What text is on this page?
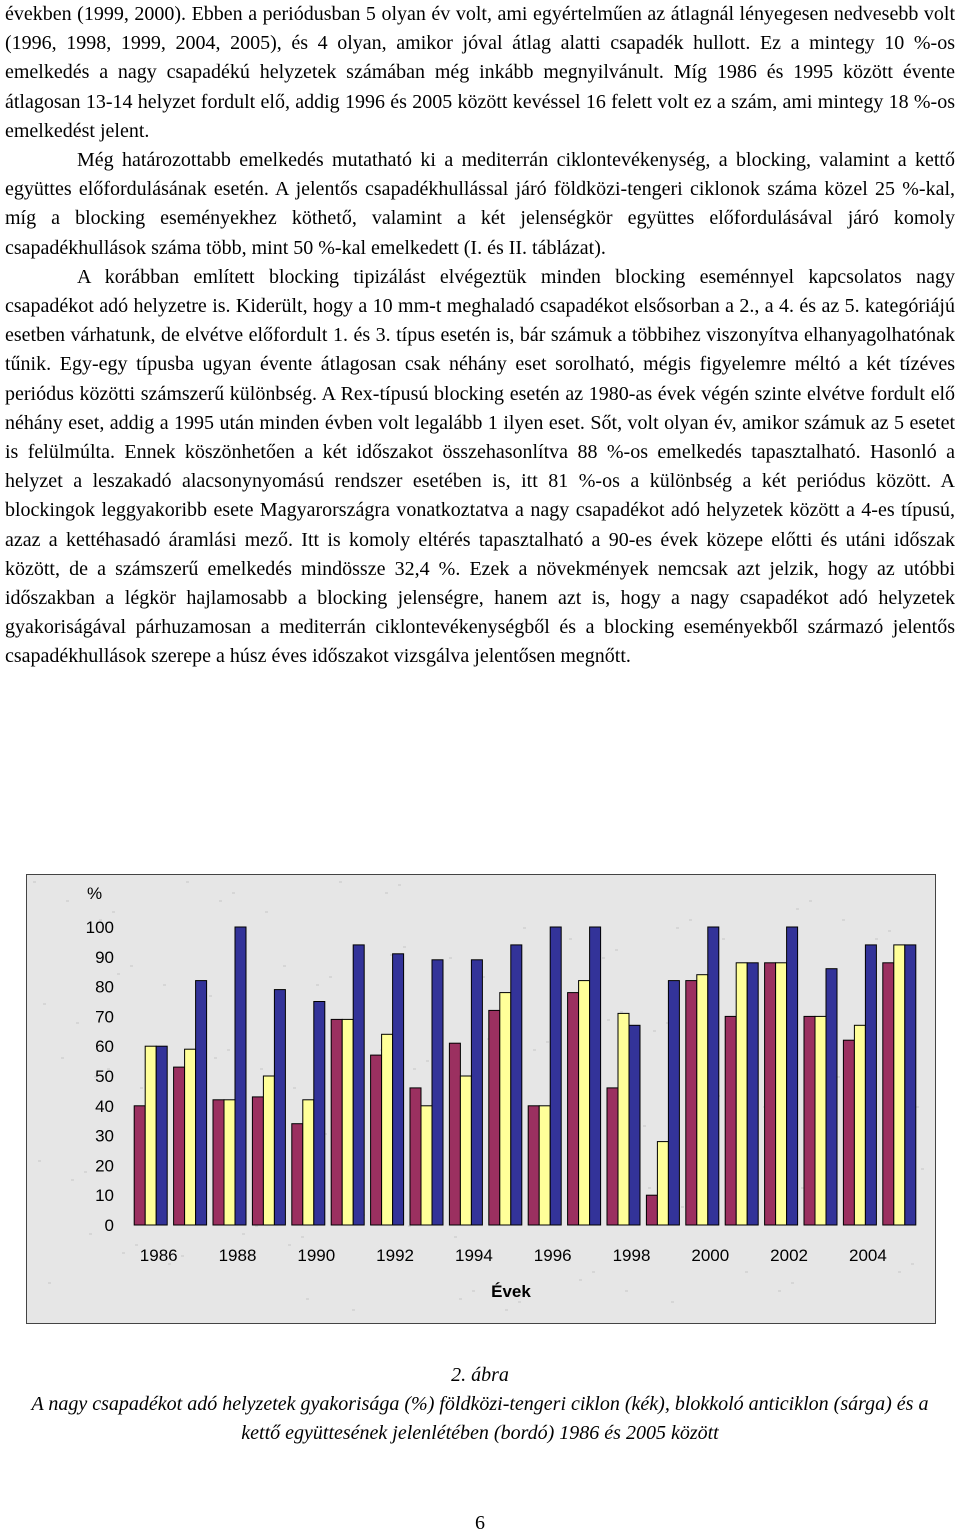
években (1999, 2000). Ebben a periódusban 5 olyan év volt, ami egyértelműen az átlagnál lényegesen nedvesebb volt (1996, 1998, 1999, 2004, 2005), és 4 olyan, amikor jóval átlag alatti csapadék hullott. Ez a mintegy 10 %-os emelkedés a nagy csapadékú helyzetek számában még inkább megnyilvánult. Míg 1986 és 1995 között évente átlagosan 13-14 helyzet fordult elő, addig 1996 és 2005 között kevéssel 16 felett volt ez a szám, ami mintegy 18 %-os emelkedést jelent.

Még határozottabb emelkedés mutatható ki a mediterrán ciklontevékenység, a blocking, valamint a kettő együttes előfordulásának esetén. A jelentős csapadékhullással járó földközi-tengeri ciklonok száma közel 25 %-kal, míg a blocking eseményekhez köthető, valamint a két jelenségkör együttes előfordulásával járó komoly csapadékhullások száma több, mint 50 %-kal emelkedett (I. és II. táblázat).

A korábban említett blocking tipizálást elvégeztük minden blocking eseménnyel kapcsolatos nagy csapadékot adó helyzetre is. Kiderült, hogy a 10 mm-t meghaladó csapadékot elsősorban a 2., a 4. és az 5. kategóriájú esetben várhatunk, de elvétve előfordult 1. és 3. típus esetén is, bár számuk a többihez viszonyítva elhanyagolhatónak tűnik. Egy-egy típusba ugyan évente átlagosan csak néhány eset sorolható, mégis figyelemre méltó a két tízéves periódus közötti számszerű különbség. A Rex-típusú blocking esetén az 1980-as évek végén szinte elvétve fordult elő néhány eset, addig a 1995 után minden évben volt legalább 1 ilyen eset. Sőt, volt olyan év, amikor számuk az 5 esetet is felülmúlta. Ennek köszönhetően a két időszakot összehasonlítva 88 %-os emelkedés tapasztalható. Hasonló a helyzet a leszakadó alacsonynyomású rendszer esetében is, itt 81 %-os a különbség a két periódus között. A blockingok leggyakoribb esete Magyarországra vonatkoztatva a nagy csapadékot adó helyzetek között a 4-es típusú, azaz a kettéhasadó áramlási mező. Itt is komoly eltérés tapasztalható a 90-es évek közepe előtti és utáni időszak között, de a számszerű emelkedés mindössze 32,4 %. Ezek a növekmények nemcsak azt jelzik, hogy az utóbbi időszakban a légkör hajlamosabb a blocking jelenségre, hanem azt is, hogy a nagy csapadékot adó helyzetek gyakoriságával párhuzamosan a mediterrán ciklontevékenységből és a blocking eseményekből származó jelentős csapadékhullások szerepe a húsz éves időszakot vizsgálva jelentősen megnőtt.

0
10
20
30
40
50
60
70
80
90
100
%
1986 1988 1990 1992 1994 1996 1998 2000 2002 2004
Évek
2. ábra
A nagy csapadékot adó helyzetek gyakorisága (%) földközi-tengeri ciklon (kék), blokkoló anticiklon (sárga) és a kettő együttesének jelenlétében (bordó) 1986 és 2005 között
6
